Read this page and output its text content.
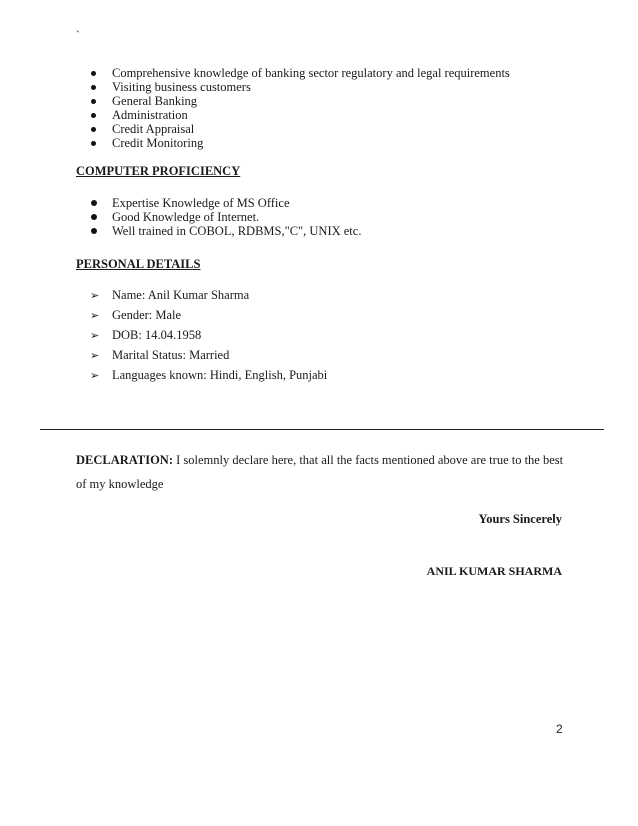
`
Comprehensive knowledge of banking sector regulatory and legal requirements
Visiting business customers
General Banking
Administration
Credit Appraisal
Credit Monitoring
COMPUTER PROFICIENCY
Expertise Knowledge of MS Office
Good Knowledge of Internet.
Well trained in COBOL, RDBMS,"C", UNIX etc.
PERSONAL DETAILS
➢ Name: Anil Kumar Sharma
➢ Gender: Male
➢ DOB: 14.04.1958
➢ Marital Status: Married
➢ Languages known: Hindi, English, Punjabi
DECLARATION: I solemnly declare here, that all the facts mentioned above are true to the best of my knowledge
Yours Sincerely
ANIL KUMAR SHARMA
2
